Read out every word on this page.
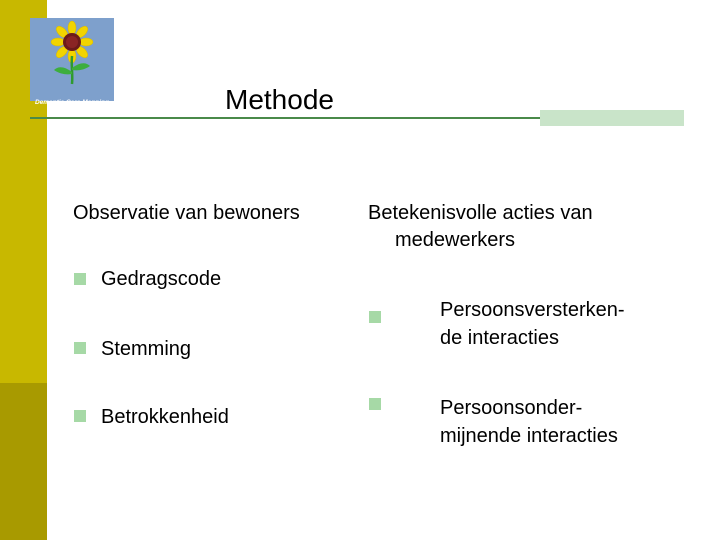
Dementia Care Mapping
CDCM	Methode
Observatie van bewoners	Betekenisvolle acties van
medewerkers
Gedragscode
Stemming
Betrokkenheid
Persoonsversterken-
de interacties
Persoonsonder-
mijnende interacties
